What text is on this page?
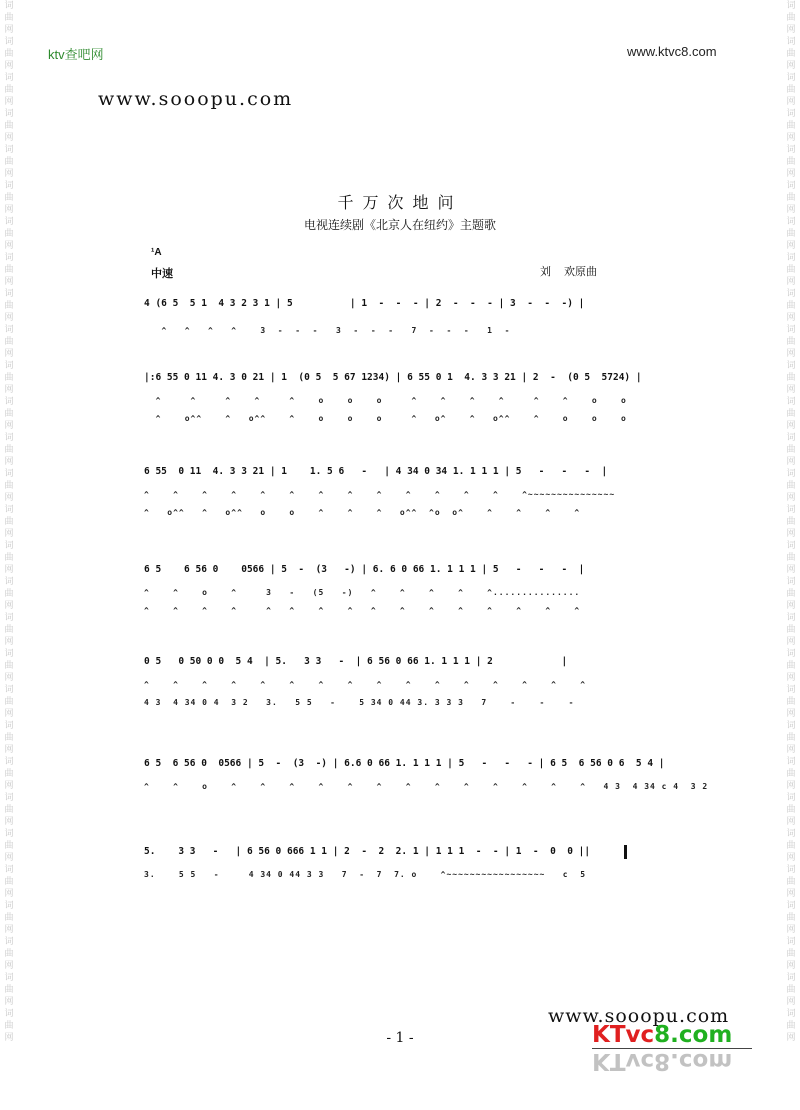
词曲网词曲网词曲网词曲网词曲网词曲网词曲网词曲网词曲网词曲网词曲网词曲网词曲网词曲网词曲网词曲网词曲网词曲网词曲网词曲网词曲网词曲网词曲网词曲网词曲网词曲网词曲网词曲网词曲网
词曲网词曲网词曲网词曲网词曲网词曲网词曲网词曲网词曲网词曲网词曲网词曲网词曲网词曲网词曲网词曲网词曲网词曲网词曲网词曲网词曲网词曲网词曲网词曲网词曲网词曲网词曲网词曲网词曲网
ktv查吧网	www.ktvc8.com
www.sooopu.com
千万次地问
电视连续剧《北京人在纽约》主题歌
¹A
中速	刘 欢原曲
4 (6 5  5 1  4 3 2 3 1 | 5          | 1  -  -  - | 2  -  -  - | 3  -  -  -) |
^   ^   ^   ^    3  -  -  -   3  -  -  -   7  -  -  -   1  -
|:6 55 0 11 4. 3 0 21 | 1  (0 5  5 67 1234) | 6 55 0 1  4. 3 3 21 | 2  -  (0 5  5724) |
^     ^     ^    ^     ^    o    o    o     ^    ^    ^    ^     ^    ^    o    o
^    o^^    ^   o^^    ^    o    o    o     ^   o^    ^   o^^    ^    o    o    o
6 55  0 11  4. 3 3 21 | 1    1. 5 6   -   | 4 34 0 34 1. 1 1 1 | 5   -   -   -  |
^    ^    ^    ^    ^    ^    ^    ^    ^    ^    ^    ^    ^    ^~~~~~~~~~~~~~~~
^   o^^   ^   o^^   o    o    ^    ^    ^   o^^  ^o  o^    ^    ^    ^    ^
6 5    6 56 0    0566 | 5  -  (3   -) | 6. 6 0 66 1. 1 1 1 | 5   -   -   -  |
^    ^    o    ^     3   -   (5   -)   ^    ^    ^    ^    ^...............
^    ^    ^    ^     ^   ^    ^    ^   ^    ^    ^    ^    ^    ^    ^    ^
0 5   0 50 0 0  5 4  | 5.   3 3   -  | 6 56 0 66 1. 1 1 1 | 2            |
^    ^    ^    ^    ^    ^    ^    ^    ^    ^    ^    ^    ^    ^    ^    ^
4 3  4 34 0 4  3 2   3.   5 5   -    5 34 0 44 3. 3 3 3   7    -    -    -
6 5  6 56 0  0566 | 5  -  (3  -) | 6.6 0 66 1. 1 1 1 | 5   -   -   - | 6 5  6 56 0 6  5 4 |
^    ^    o    ^    ^    ^    ^    ^    ^    ^    ^    ^    ^    ^    ^    ^   4 3  4 34 c 4  3 2
5.    3 3   -   | 6 56 0 666 1 1 | 2  -  2  2. 1 | 1 1 1  -  - | 1  -  0  0 ||
3.    5 5   -     4 34 0 44 3 3   7  -  7  7. o    ^~~~~~~~~~~~~~~~~~   c  5
- 1 -
www.sooopu.com
KTvc8.com
KTvc8.com
